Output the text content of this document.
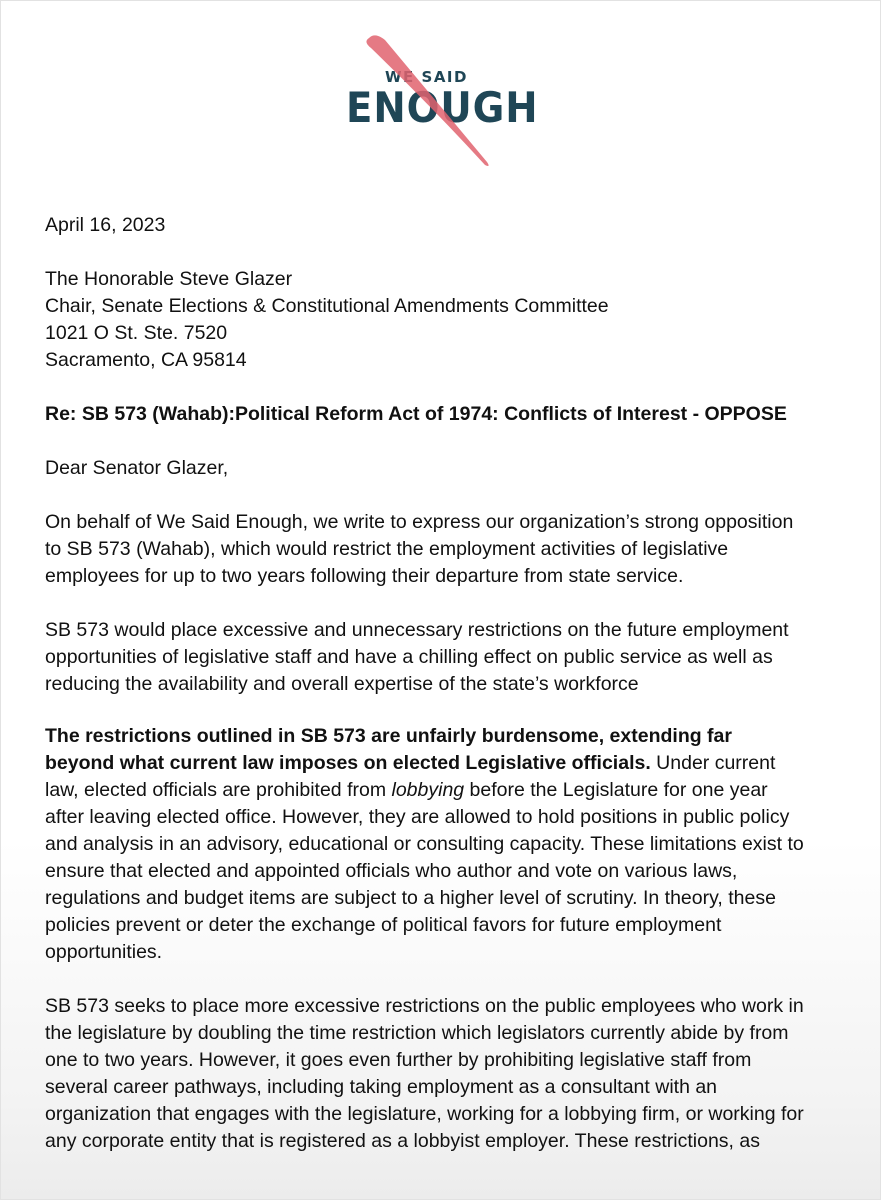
WE SAID
ENOUGH
April 16, 2023
The Honorable Steve Glazer
Chair, Senate Elections & Constitutional Amendments Committee
1021 O St. Ste. 7520
Sacramento, CA 95814
Re: SB 573 (Wahab):Political Reform Act of 1974: Conflicts of Interest - OPPOSE
Dear Senator Glazer,
On behalf of We Said Enough, we write to express our organization’s strong opposition
to SB 573 (Wahab), which would restrict the employment activities of legislative
employees for up to two years following their departure from state service.
SB 573 would place excessive and unnecessary restrictions on the future employment
opportunities of legislative staff and have a chilling effect on public service as well as
reducing the availability and overall expertise of the state’s workforce
The restrictions outlined in SB 573 are unfairly burdensome, extending far
beyond what current law imposes on elected Legislative officials. Under current
law, elected officials are prohibited from lobbying before the Legislature for one year
after leaving elected office. However, they are allowed to hold positions in public policy
and analysis in an advisory, educational or consulting capacity. These limitations exist to
ensure that elected and appointed officials who author and vote on various laws,
regulations and budget items are subject to a higher level of scrutiny. In theory, these
policies prevent or deter the exchange of political favors for future employment
opportunities.
SB 573 seeks to place more excessive restrictions on the public employees who work in
the legislature by doubling the time restriction which legislators currently abide by from
one to two years. However, it goes even further by prohibiting legislative staff from
several career pathways, including taking employment as a consultant with an
organization that engages with the legislature, working for a lobbying firm, or working for
any corporate entity that is registered as a lobbyist employer. These restrictions, as
